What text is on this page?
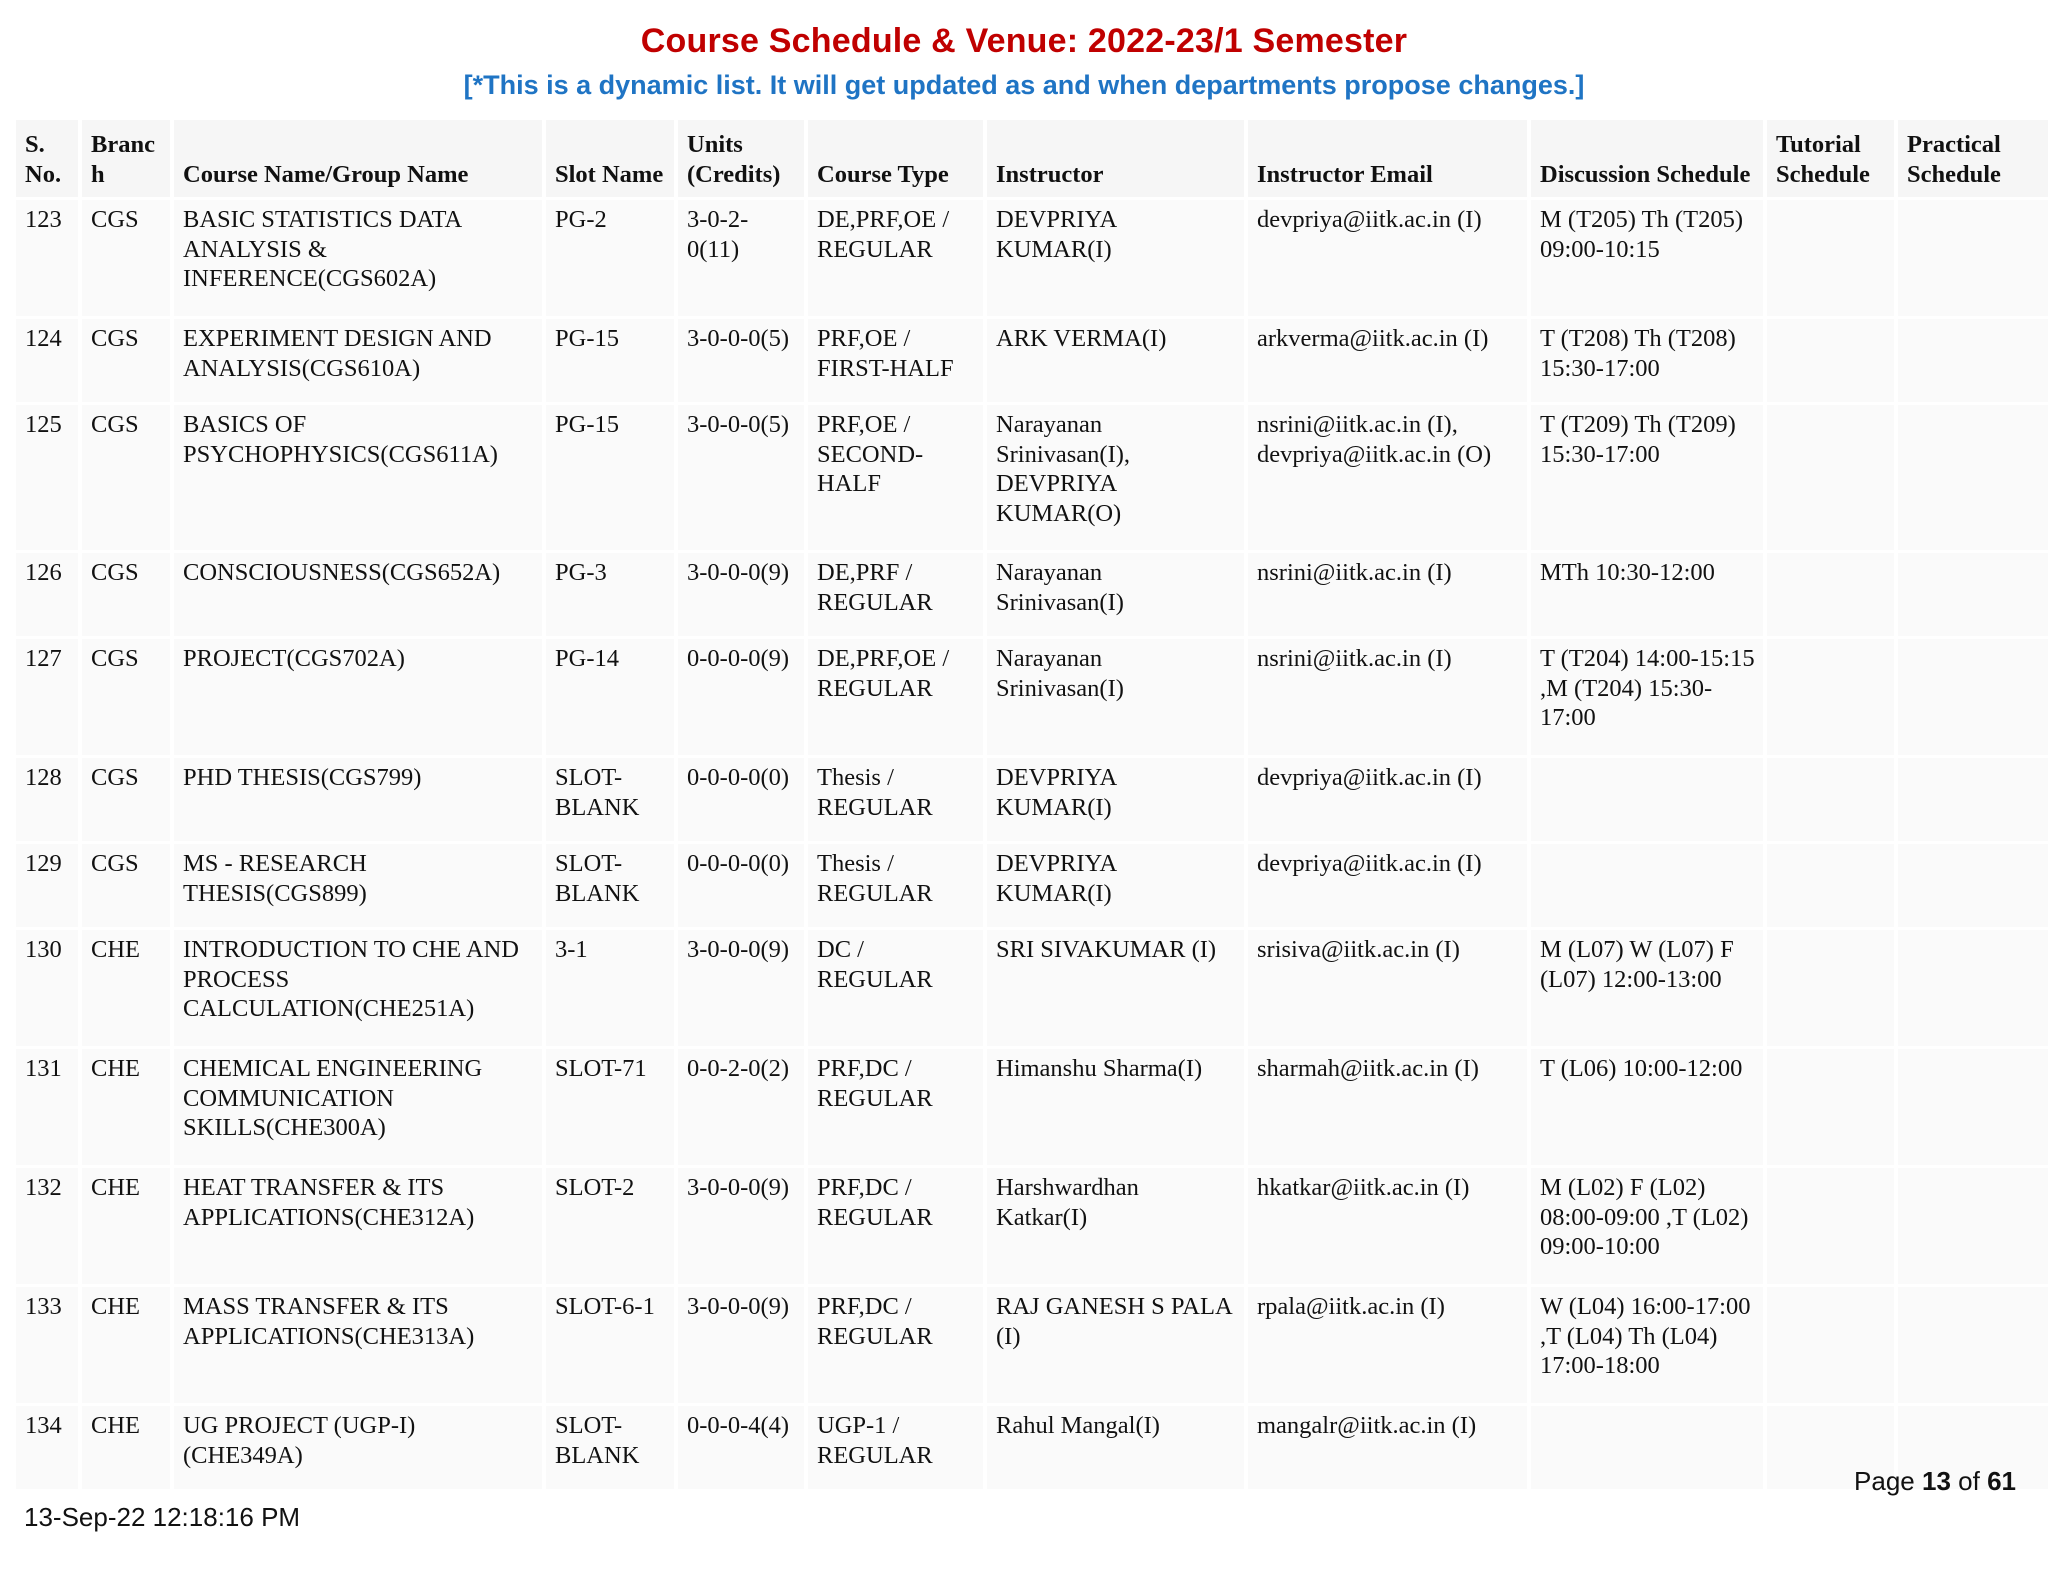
Course Schedule & Venue: 2022-23/1 Semester
[*This is a dynamic list. It will get updated as and when departments propose changes.]
S. No.	Branch	Course Name/Group Name	Slot Name	Units (Credits)	Course Type	Instructor	Instructor Email	Discussion Schedule	Tutorial Schedule	Practical Schedule
123	CGS	BASIC STATISTICS DATA ANALYSIS & INFERENCE(CGS602A)	PG-2	3-0-2-0(11)	DE,PRF,OE / REGULAR	DEVPRIYA KUMAR(I)	devpriya@iitk.ac.in (I)	M (T205) Th (T205) 09:00-10:15		
124	CGS	EXPERIMENT DESIGN AND ANALYSIS(CGS610A)	PG-15	3-0-0-0(5)	PRF,OE / FIRST-HALF	ARK VERMA(I)	arkverma@iitk.ac.in (I)	T (T208) Th (T208) 15:30-17:00		
125	CGS	BASICS OF PSYCHOPHYSICS(CGS611A)	PG-15	3-0-0-0(5)	PRF,OE / SECOND-HALF	Narayanan Srinivasan(I), DEVPRIYA KUMAR(O)	nsrini@iitk.ac.in (I), devpriya@iitk.ac.in (O)	T (T209) Th (T209) 15:30-17:00		
126	CGS	CONSCIOUSNESS(CGS652A)	PG-3	3-0-0-0(9)	DE,PRF / REGULAR	Narayanan Srinivasan(I)	nsrini@iitk.ac.in (I)	MTh 10:30-12:00		
127	CGS	PROJECT(CGS702A)	PG-14	0-0-0-0(9)	DE,PRF,OE / REGULAR	Narayanan Srinivasan(I)	nsrini@iitk.ac.in (I)	T (T204) 14:00-15:15 ,M (T204) 15:30-17:00		
128	CGS	PHD THESIS(CGS799)	SLOT-BLANK	0-0-0-0(0)	Thesis / REGULAR	DEVPRIYA KUMAR(I)	devpriya@iitk.ac.in (I)			
129	CGS	MS - RESEARCH THESIS(CGS899)	SLOT-BLANK	0-0-0-0(0)	Thesis / REGULAR	DEVPRIYA KUMAR(I)	devpriya@iitk.ac.in (I)			
130	CHE	INTRODUCTION TO CHE AND PROCESS CALCULATION(CHE251A)	3-1	3-0-0-0(9)	DC / REGULAR	SRI SIVAKUMAR (I)	srisiva@iitk.ac.in (I)	M (L07) W (L07) F (L07) 12:00-13:00		
131	CHE	CHEMICAL ENGINEERING COMMUNICATION SKILLS(CHE300A)	SLOT-71	0-0-2-0(2)	PRF,DC / REGULAR	Himanshu Sharma(I)	sharmah@iitk.ac.in (I)	T (L06) 10:00-12:00		
132	CHE	HEAT TRANSFER & ITS APPLICATIONS(CHE312A)	SLOT-2	3-0-0-0(9)	PRF,DC / REGULAR	Harshwardhan Katkar(I)	hkatkar@iitk.ac.in (I)	M (L02) F (L02) 08:00-09:00 ,T (L02) 09:00-10:00		
133	CHE	MASS TRANSFER & ITS APPLICATIONS(CHE313A)	SLOT-6-1	3-0-0-0(9)	PRF,DC / REGULAR	RAJ GANESH S PALA (I)	rpala@iitk.ac.in (I)	W (L04) 16:00-17:00 ,T (L04) Th (L04) 17:00-18:00		
134	CHE	UG PROJECT (UGP-I)(CHE349A)	SLOT-BLANK	0-0-0-4(4)	UGP-1 / REGULAR	Rahul Mangal(I)	mangalr@iitk.ac.in (I)			
Page 13 of 61
13-Sep-22 12:18:16 PM
